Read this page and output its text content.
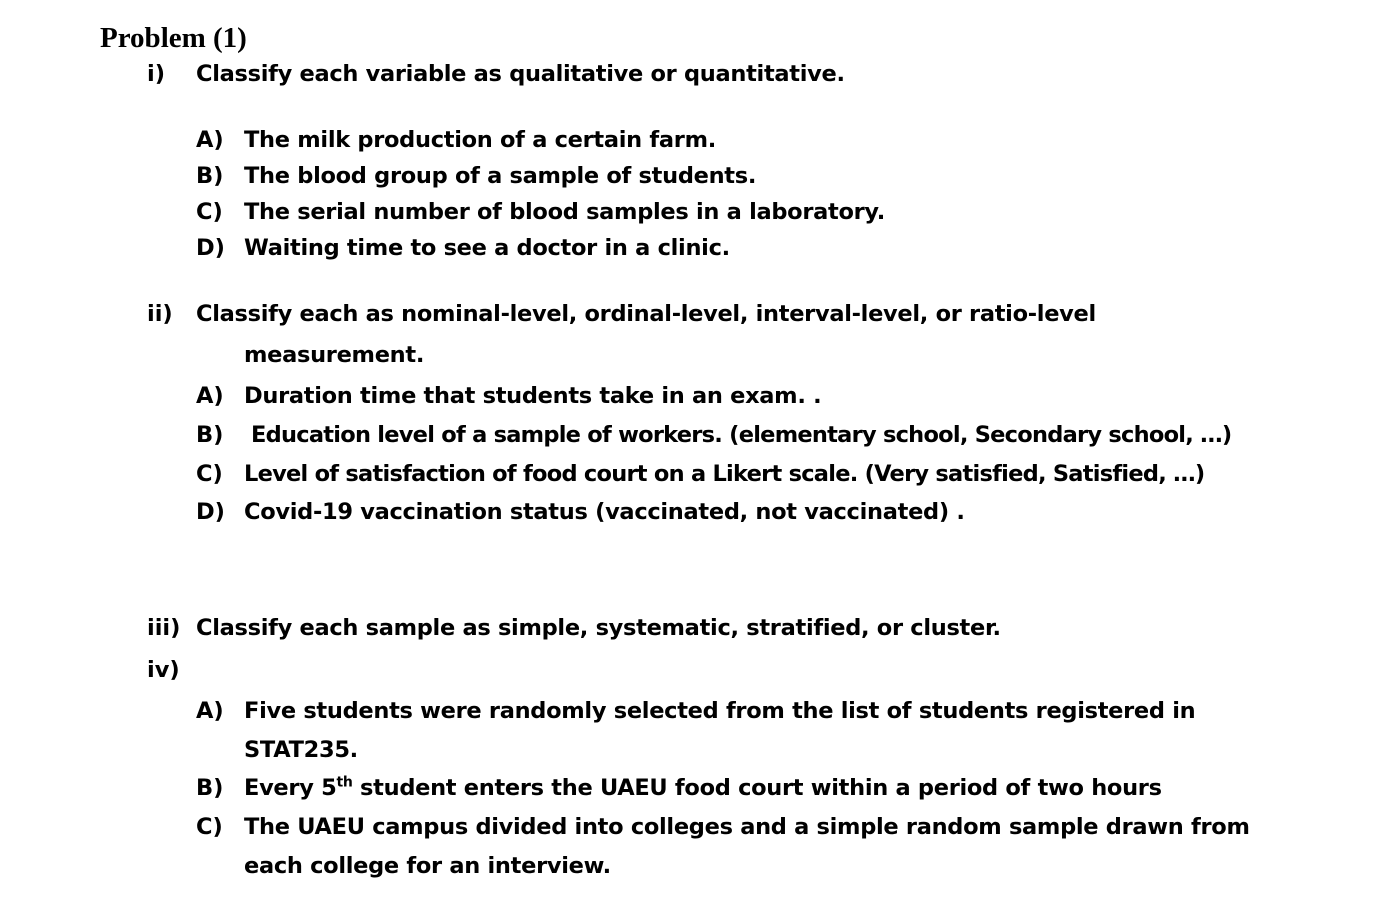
Problem (1)
i) Classify each variable as qualitative or quantitative.
A) The milk production of a certain farm.
B) The blood group of a sample of students.
C) The serial number of blood samples in a laboratory.
D) Waiting time to see a doctor in a clinic.
ii) Classify each as nominal-level, ordinal-level, interval-level, or ratio-level
measurement.
A) Duration time that students take in an exam. .
B) Education level of a sample of workers. (elementary school, Secondary school, …)
C) Level of satisfaction of food court on a Likert scale. (Very satisfied, Satisfied, …)
D) Covid-19 vaccination status (vaccinated, not vaccinated) .
iii) Classify each sample as simple, systematic, stratified, or cluster.
iv)
A) Five students were randomly selected from the list of students registered in
STAT235.
B) Every 5th student enters the UAEU food court within a period of two hours
C) The UAEU campus divided into colleges and a simple random sample drawn from
each college for an interview.
